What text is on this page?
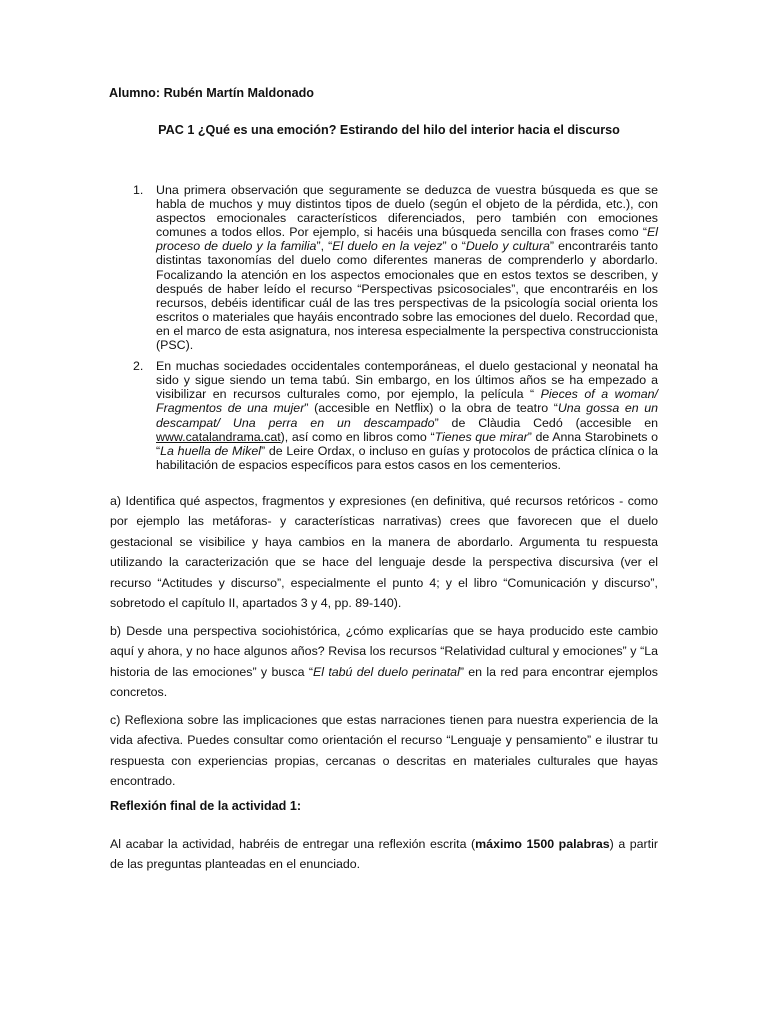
Alumno: Rubén Martín Maldonado

PAC 1 ¿Qué es una emoción? Estirando del hilo del interior hacia el discurso

1. Una primera observación que seguramente se deduzca de vuestra búsqueda es que se habla de muchos y muy distintos tipos de duelo (según el objeto de la pérdida, etc.), con aspectos emocionales característicos diferenciados, pero también con emociones comunes a todos ellos. Por ejemplo, si hacéis una búsqueda sencilla con frases como “El proceso de duelo y la familia”, “El duelo en la vejez” o “Duelo y cultura” encontraréis tanto distintas taxonomías del duelo como diferentes maneras de comprenderlo y abordarlo. Focalizando la atención en los aspectos emocionales que en estos textos se describen, y después de haber leído el recurso “Perspectivas psicosociales”, que encontraréis en los recursos, debéis identificar cuál de las tres perspectivas de la psicología social orienta los escritos o materiales que hayáis encontrado sobre las emociones del duelo. Recordad que, en el marco de esta asignatura, nos interesa especialmente la perspectiva construccionista (PSC).
2. En muchas sociedades occidentales contemporáneas, el duelo gestacional y neonatal ha sido y sigue siendo un tema tabú. Sin embargo, en los últimos años se ha empezado a visibilizar en recursos culturales como, por ejemplo, la película “ Pieces of a woman/ Fragmentos de una mujer” (accesible en Netflix) o la obra de teatro “Una gossa en un descampat/ Una perra en un descampado” de Clàudia Cedó (accesible en www.catalandrama.cat), así como en libros como “Tienes que mirar” de Anna Starobinets o “La huella de Mikel” de Leire Ordax, o incluso en guías y protocolos de práctica clínica o la habilitación de espacios específicos para estos casos en los cementerios.

a) Identifica qué aspectos, fragmentos y expresiones (en definitiva, qué recursos retóricos - como por ejemplo las metáforas- y características narrativas) crees que favorecen que el duelo gestacional se visibilice y haya cambios en la manera de abordarlo. Argumenta tu respuesta utilizando la caracterización que se hace del lenguaje desde la perspectiva discursiva (ver el recurso “Actitudes y discurso”, especialmente el punto 4; y el libro “Comunicación y discurso”, sobretodo el capítulo II, apartados 3 y 4, pp. 89-140).

b) Desde una perspectiva sociohistórica, ¿cómo explicarías que se haya producido este cambio aquí y ahora, y no hace algunos años? Revisa los recursos “Relatividad cultural y emociones” y “La historia de las emociones” y busca “El tabú del duelo perinatal” en la red para encontrar ejemplos concretos.

c) Reflexiona sobre las implicaciones que estas narraciones tienen para nuestra experiencia de la vida afectiva. Puedes consultar como orientación el recurso “Lenguaje y pensamiento” e ilustrar tu respuesta con experiencias propias, cercanas o descritas en materiales culturales que hayas encontrado.

Reflexión final de la actividad 1:

Al acabar la actividad, habréis de entregar una reflexión escrita (máximo 1500 palabras) a partir de las preguntas planteadas en el enunciado.
